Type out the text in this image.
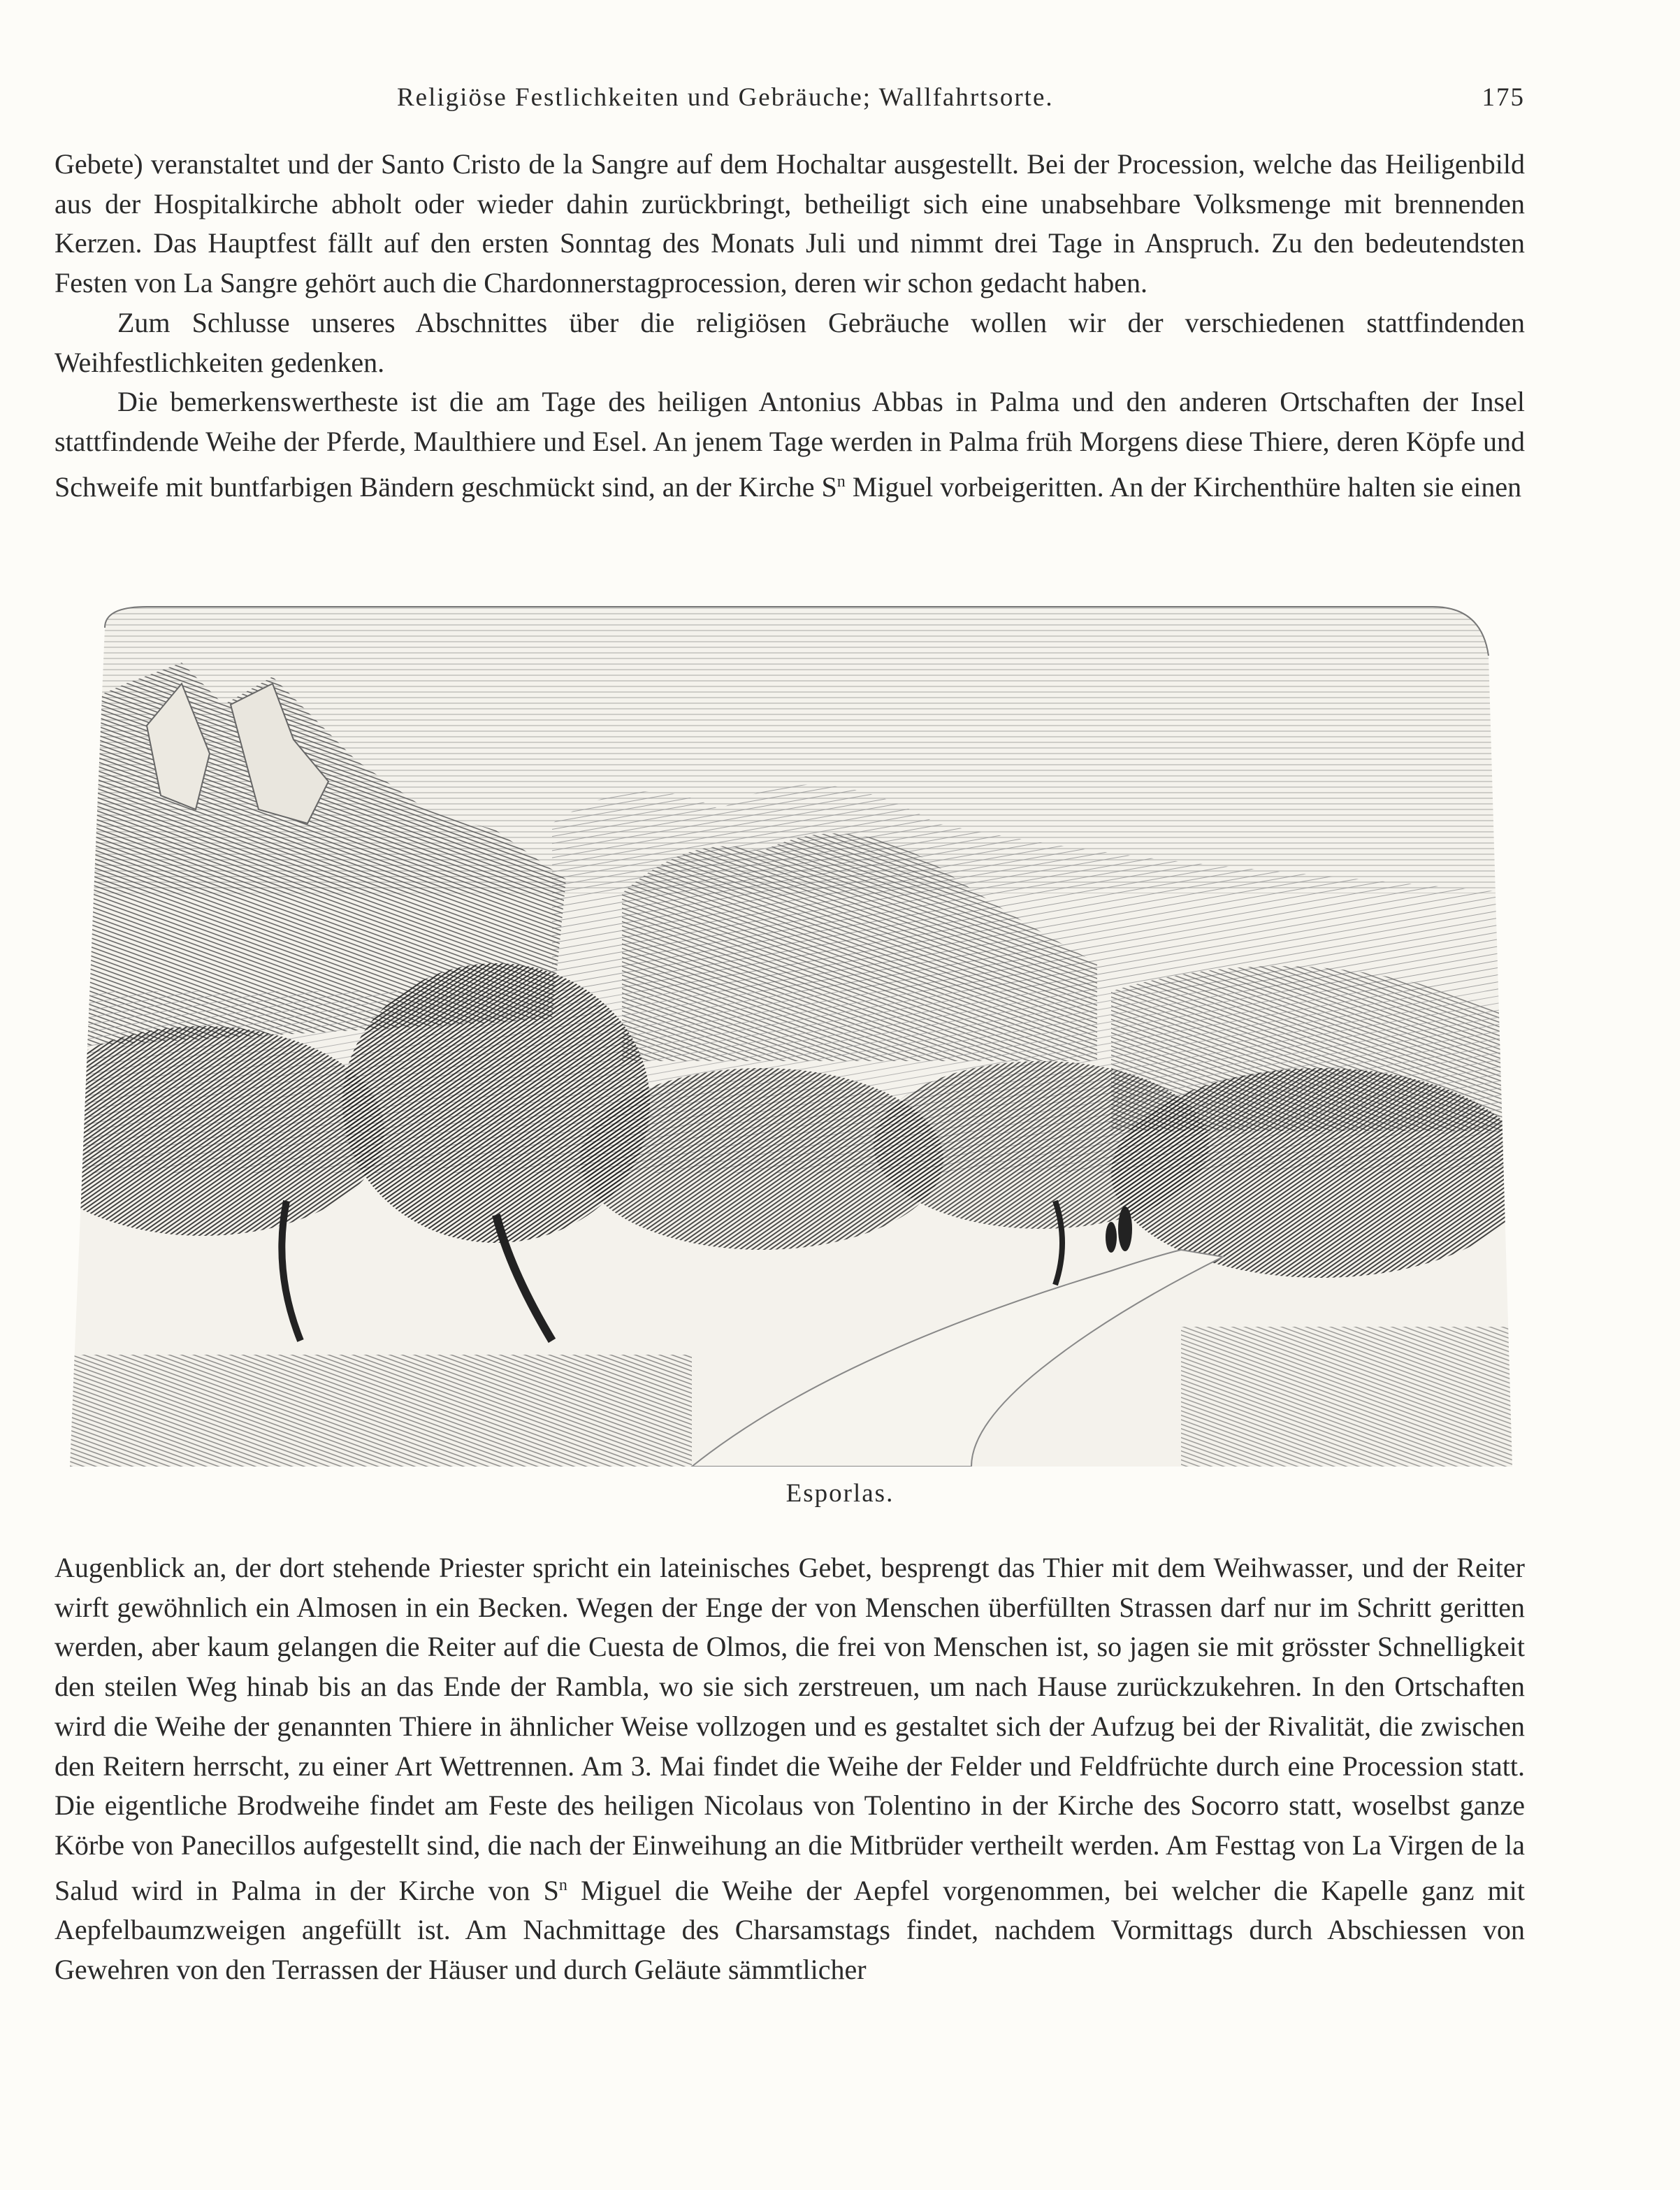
Religiöse Festlichkeiten und Gebräuche; Wallfahrtsorte.	175

Gebete) veranstaltet und der Santo Cristo de la Sangre auf dem Hochaltar ausgestellt. Bei der Procession, welche das Heiligenbild aus der Hospitalkirche abholt oder wieder dahin zurückbringt, betheiligt sich eine unabsehbare Volksmenge mit brennenden Kerzen. Das Hauptfest fällt auf den ersten Sonntag des Monats Juli und nimmt drei Tage in Anspruch. Zu den bedeutendsten Festen von La Sangre gehört auch die Chardonnerstagprocession, deren wir schon gedacht haben.

Zum Schlusse unseres Abschnittes über die religiösen Gebräuche wollen wir der verschiedenen stattfindenden Weihfestlichkeiten gedenken.

Die bemerkenswertheste ist die am Tage des heiligen Antonius Abbas in Palma und den anderen Ortschaften der Insel stattfindende Weihe der Pferde, Maulthiere und Esel. An jenem Tage werden in Palma früh Morgens diese Thiere, deren Köpfe und Schweife mit buntfarbigen Bändern geschmückt sind, an der Kirche $S^n$ Miguel vorbeigeritten. An der Kirchenthüre halten sie einen

Esporlas.

Augenblick an, der dort stehende Priester spricht ein lateinisches Gebet, besprengt das Thier mit dem Weihwasser, und der Reiter wirft gewöhnlich ein Almosen in ein Becken. Wegen der Enge der von Menschen überfüllten Strassen darf nur im Schritt geritten werden, aber kaum gelangen die Reiter auf die Cuesta de Olmos, die frei von Menschen ist, so jagen sie mit grösster Schnelligkeit den steilen Weg hinab bis an das Ende der Rambla, wo sie sich zerstreuen, um nach Hause zurückzukehren. In den Ortschaften wird die Weihe der genannten Thiere in ähnlicher Weise vollzogen und es gestaltet sich der Aufzug bei der Rivalität, die zwischen den Reitern herrscht, zu einer Art Wettrennen. Am 3. Mai findet die Weihe der Felder und Feldfrüchte durch eine Procession statt. Die eigentliche Brodweihe findet am Feste des heiligen Nicolaus von Tolentino in der Kirche des Socorro statt, woselbst ganze Körbe von Panecillos aufgestellt sind, die nach der Einweihung an die Mitbrüder vertheilt werden. Am Festtag von La Virgen de la Salud wird in Palma in der Kirche von $S^n$ Miguel die Weihe der Aepfel vorgenommen, bei welcher die Kapelle ganz mit Aepfelbaumzweigen angefüllt ist. Am Nachmittage des Charsamstags findet, nachdem Vormittags durch Abschiessen von Gewehren von den Terrassen der Häuser und durch Geläute sämmtlicher
